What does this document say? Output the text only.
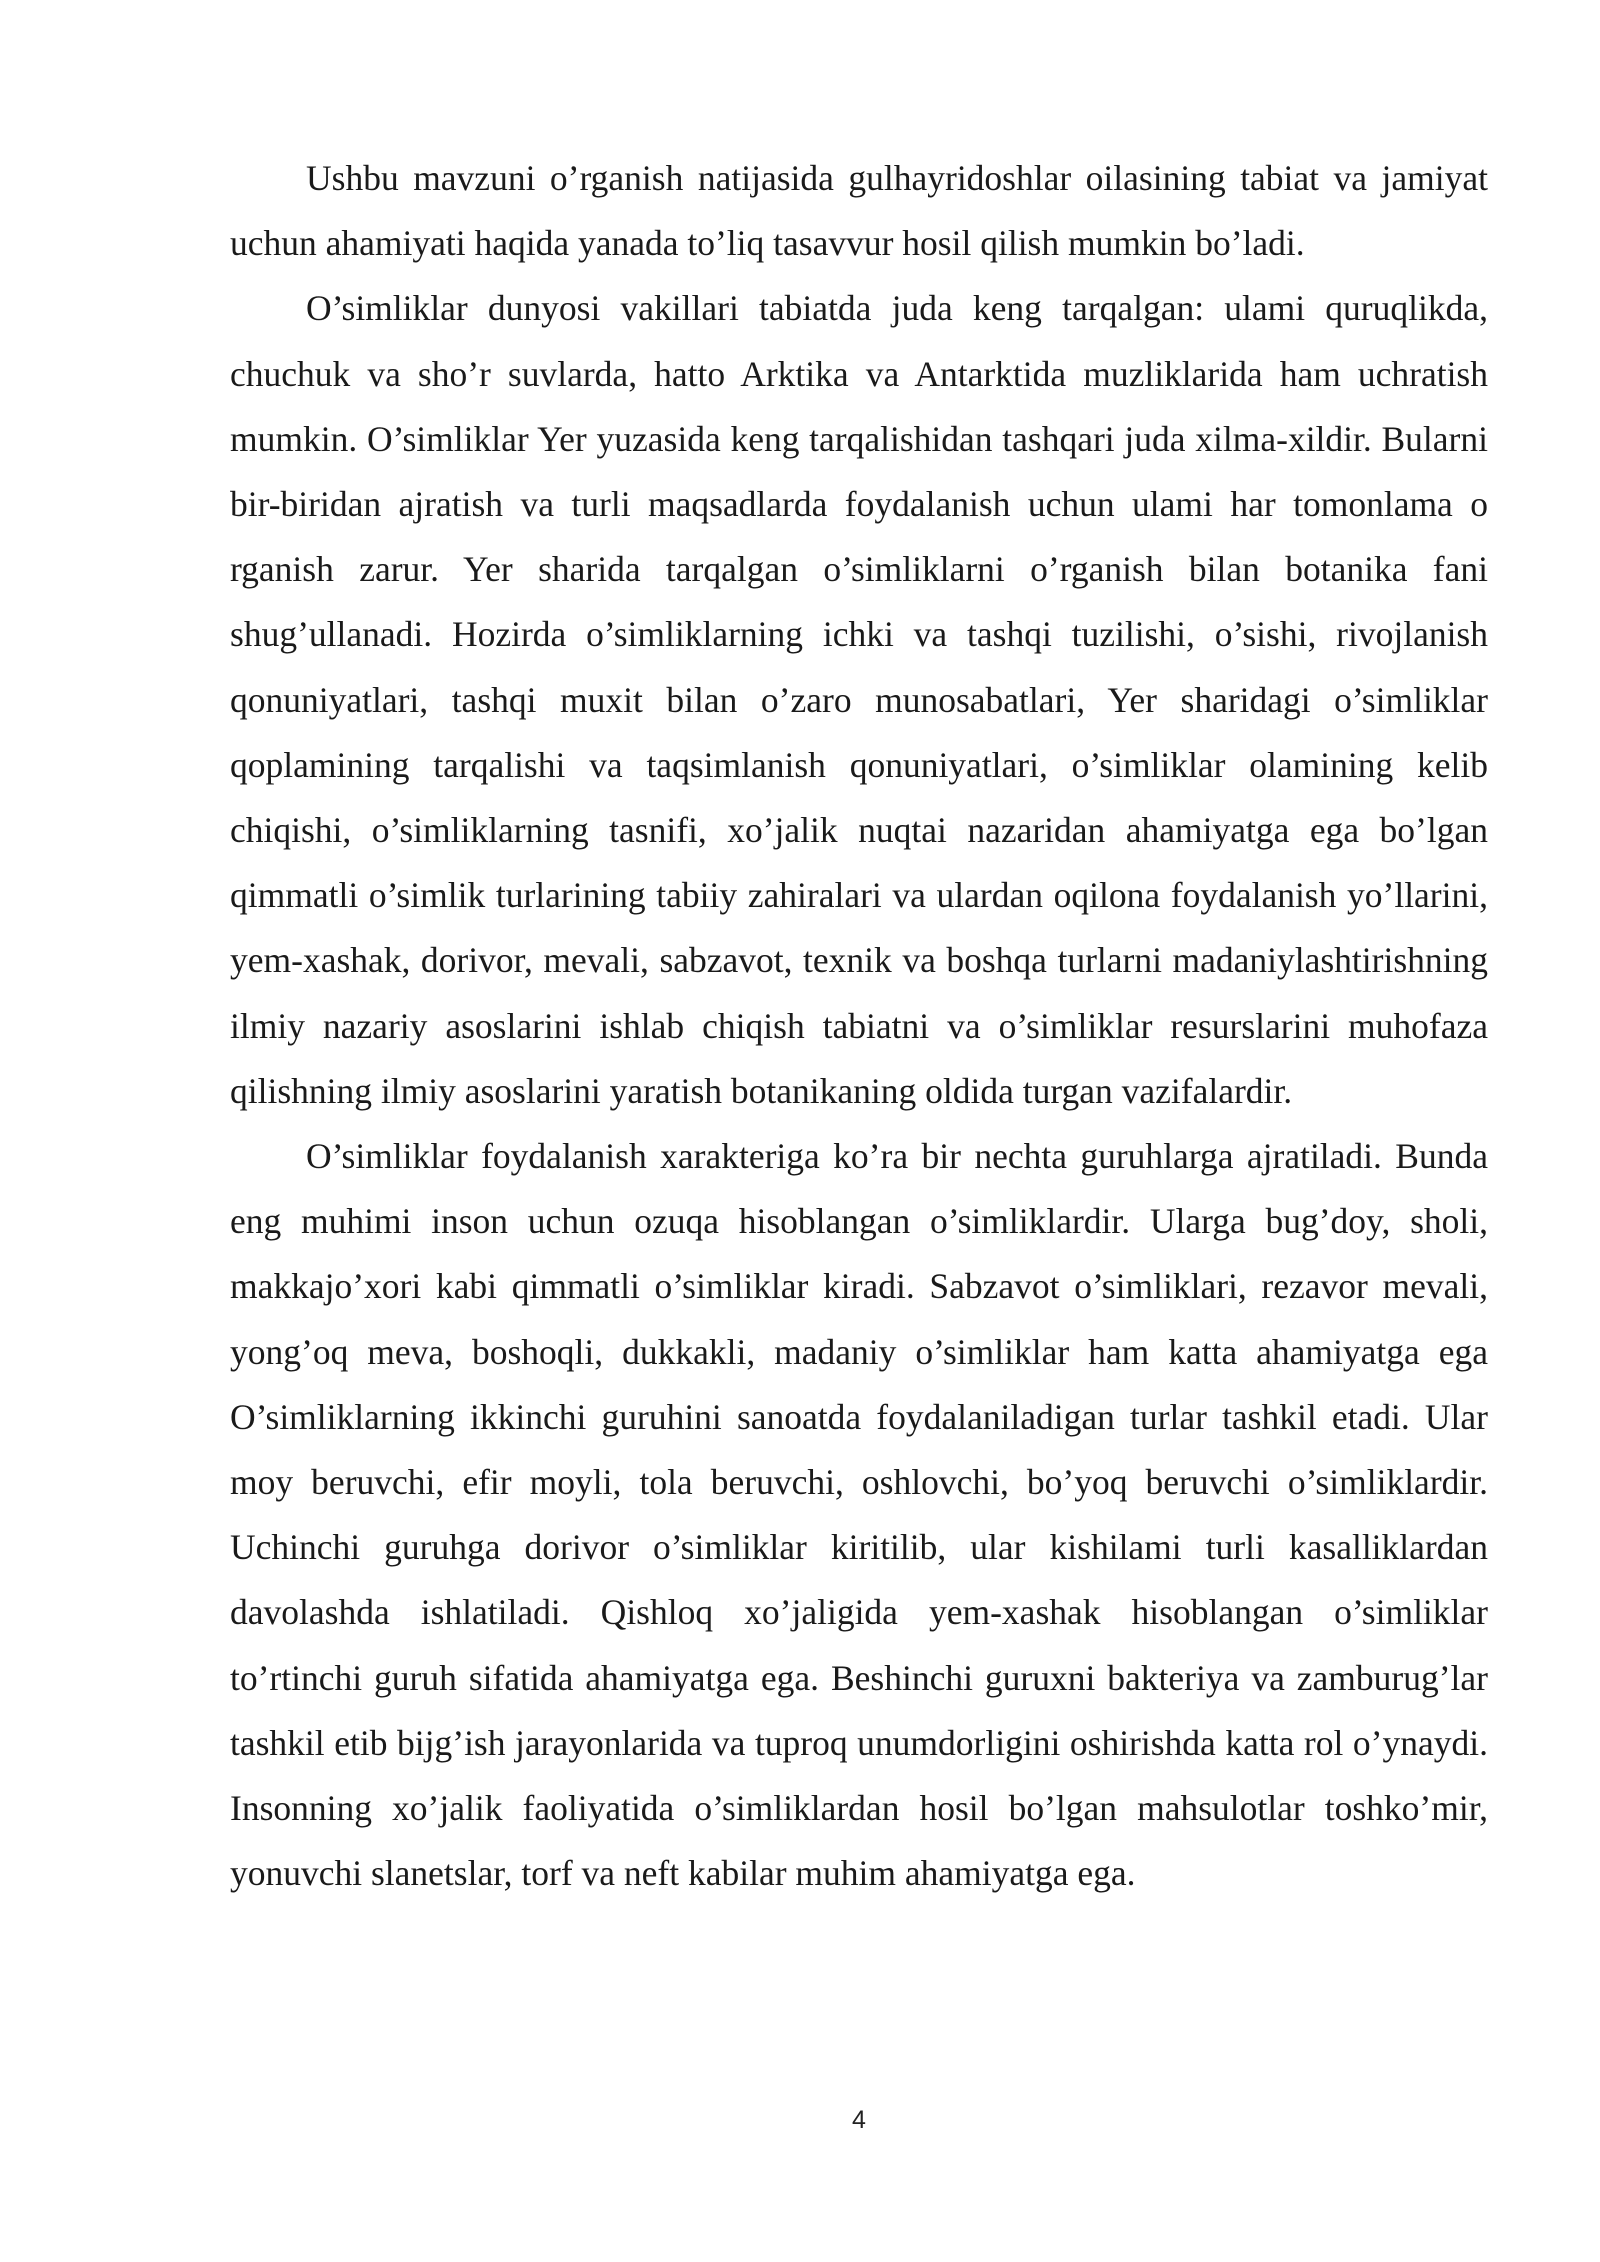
Ushbu mavzuni o’rganish natijasida gulhayridoshlar oilasining tabiat va jamiyat uchun ahamiyati haqida yanada to’liq tasavvur hosil qilish mumkin bo’ladi.

O’simliklar dunyosi vakillari tabiatda juda keng tarqalgan: ulami quruqlikda, chuchuk va sho’r suvlarda, hatto Arktika va Antarktida muzliklarida ham uchratish mumkin. O’simliklar Yer yuzasida keng tarqalishidan tashqari juda xilma-xildir. Bularni bir-biridan ajratish va turli maqsadlarda foydalanish uchun ulami har tomonlama o rganish zarur. Yer sharida tarqalgan o’simliklarni o’rganish bilan botanika fani shug’ullanadi. Hozirda o’simliklarning ichki va tashqi tuzilishi, o’sishi, rivojlanish qonuniyatlari, tashqi muxit bilan o’zaro munosabatlari, Yer sharidagi o’simliklar qoplamining tarqalishi va taqsimlanish qonuniyatlari, o’simliklar olamining kelib chiqishi, o’simliklarning tasnifi, xo’jalik nuqtai nazaridan ahamiyatga ega bo’lgan qimmatli o’simlik turlarining tabiiy zahiralari va ulardan oqilona foydalanish yo’llarini, yem-xashak, dorivor, mevali, sabzavot, texnik va boshqa turlarni madaniylashtirishning ilmiy nazariy asoslarini ishlab chiqish tabiatni va o’simliklar resurslarini muhofaza qilishning ilmiy asoslarini yaratish botanikaning oldida turgan vazifalardir.

O’simliklar foydalanish xarakteriga ko’ra bir nechta guruhlarga ajratiladi. Bunda eng muhimi inson uchun ozuqa hisoblangan o’simliklardir. Ularga bug’doy, sholi, makkajo’xori kabi qimmatli o’simliklar kiradi. Sabzavot o’simliklari, rezavor mevali, yong’oq meva, boshoqli, dukkakli, madaniy o’simliklar ham katta ahamiyatga ega O’simliklarning ikkinchi guruhini sanoatda foydalaniladigan turlar tashkil etadi. Ular moy beruvchi, efir moyli, tola beruvchi, oshlovchi, bo’yoq beruvchi o’simliklardir. Uchinchi guruhga dorivor o’simliklar kiritilib, ular kishilami turli kasalliklardan davolashda ishlatiladi. Qishloq xo’jaligida yem-xashak hisoblangan o’simliklar to’rtinchi guruh sifatida ahamiyatga ega. Beshinchi guruxni bakteriya va zamburug’lar tashkil etib bijg’ish jarayonlarida va tuproq unumdorligini oshirishda katta rol o’ynaydi. Insonning xo’jalik faoliyatida o’simliklardan hosil bo’lgan mahsulotlar toshko’mir, yonuvchi slanetslar, torf va neft kabilar muhim ahamiyatga ega.

4
